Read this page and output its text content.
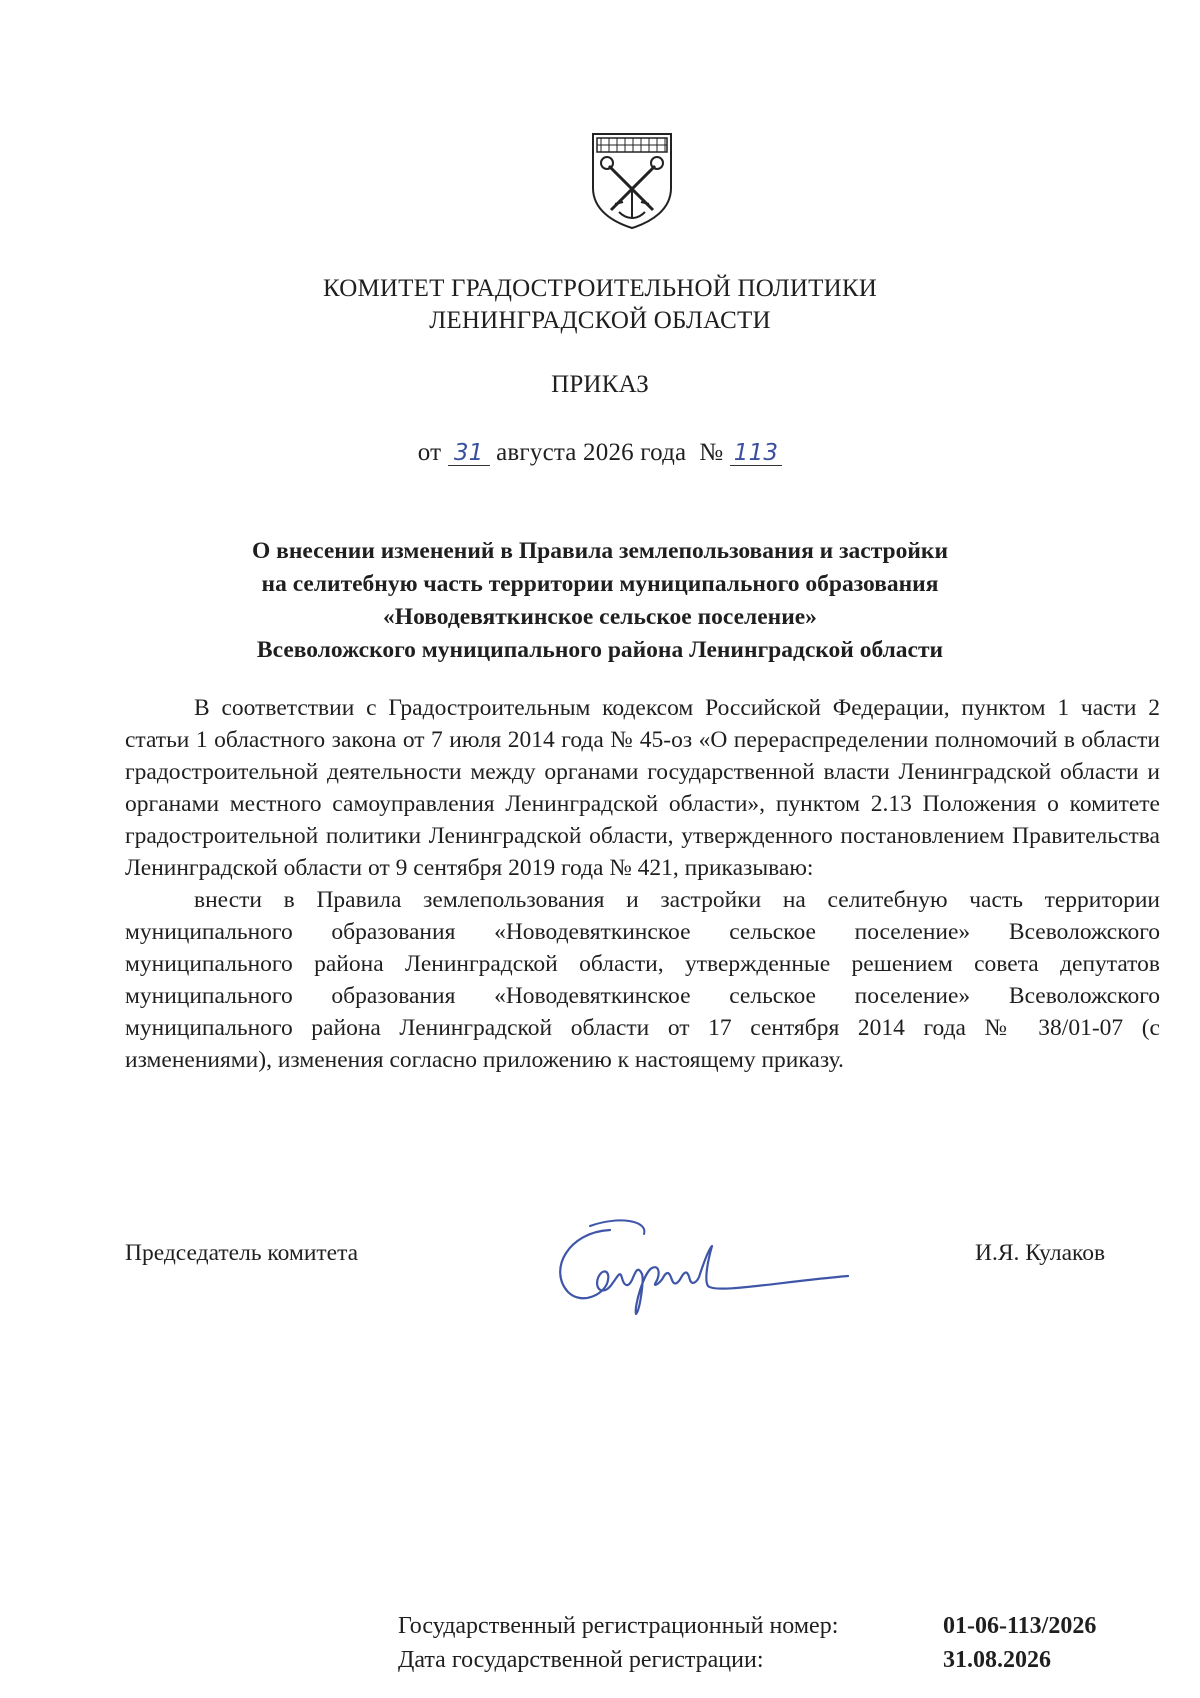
КОМИТЕТ ГРАДОСТРОИТЕЛЬНОЙ ПОЛИТИКИ
ЛЕНИНГРАДСКОЙ ОБЛАСТИ
ПРИКАЗ
от 31 августа 2026 года № 113
О внесении изменений в Правила землепользования и застройки
на селитебную часть территории муниципального образования
«Новодевяткинское сельское поселение»
Всеволожского муниципального района Ленинградской области

В соответствии с Градостроительным кодексом Российской Федерации, пунктом 1 части 2 статьи 1 областного закона от 7 июля 2014 года № 45-оз «О перераспределении полномочий в области градостроительной деятельности между органами государственной власти Ленинградской области и органами местного самоуправления Ленинградской области», пунктом 2.13 Положения о комитете градостроительной политики Ленинградской области, утвержденного постановлением Правительства Ленинградской области от 9 сентября 2019 года № 421, приказываю:

внести в Правила землепользования и застройки на селитебную часть территории муниципального образования «Новодевяткинское сельское поселение» Всеволожского муниципального района Ленинградской области, утвержденные решением совета депутатов муниципального образования «Новодевяткинское сельское поселение» Всеволожского муниципального района Ленинградской области от 17 сентября 2014 года № 38/01-07 (с изменениями), изменения согласно приложению к настоящему приказу.

Председатель комитета	И.Я. Кулаков
Государственный регистрационный номер:	01-06-113/2026
Дата государственной регистрации:	31.08.2026
